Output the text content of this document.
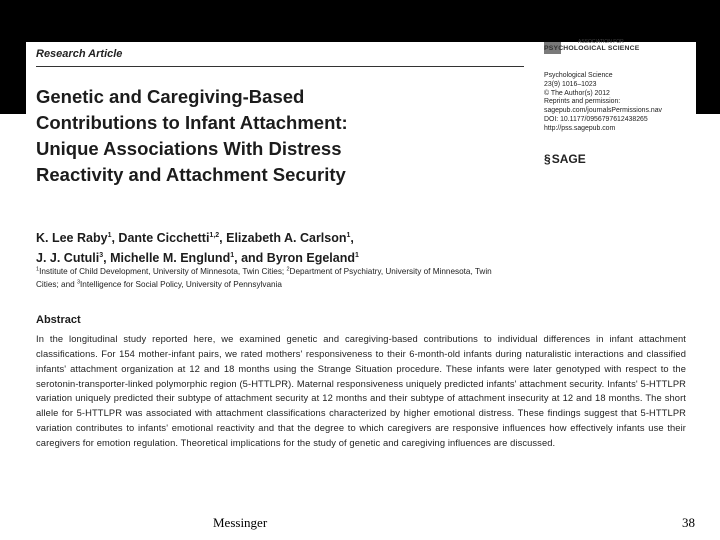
Research Article
Genetic and Caregiving-Based
Contributions to Infant Attachment:
Unique Associations With Distress
Reactivity and Attachment Security
ASSOCIATION FOR
PSYCHOLOGICAL SCIENCE
Psychological Science
23(9) 1016–1023
© The Author(s) 2012
Reprints and permission:
sagepub.com/journalsPermissions.nav
DOI: 10.1177/0956797612438265
http://pss.sagepub.com
§ SAGE
K. Lee Raby$^1$, Dante Cicchetti$^{1,2}$, Elizabeth A. Carlson$^1$,
J. J. Cutuli$^3$, Michelle M. Englund$^1$, and Byron Egeland$^1$
$^1$Institute of Child Development, University of Minnesota, Twin Cities; $^2$Department of Psychiatry, University of Minnesota, Twin Cities; and $^3$Intelligence for Social Policy, University of Pennsylvania
Abstract
In the longitudinal study reported here, we examined genetic and caregiving-based contributions to individual differences in infant attachment classifications. For 154 mother-infant pairs, we rated mothers' responsiveness to their 6-month-old infants during naturalistic interactions and classified infants' attachment organization at 12 and 18 months using the Strange Situation procedure. These infants were later genotyped with respect to the serotonin-transporter-linked polymorphic region (5-HTTLPR). Maternal responsiveness uniquely predicted infants' attachment security. Infants' 5-HTTLPR variation uniquely predicted their subtype of attachment security at 12 months and their subtype of attachment insecurity at 12 and 18 months. The short allele for 5-HTTLPR was associated with attachment classifications characterized by higher emotional distress. These findings suggest that 5-HTTLPR variation contributes to infants' emotional reactivity and that the degree to which caregivers are responsive influences how effectively infants use their caregivers for emotion regulation. Theoretical implications for the study of genetic and caregiving influences are discussed.
Messinger	38
